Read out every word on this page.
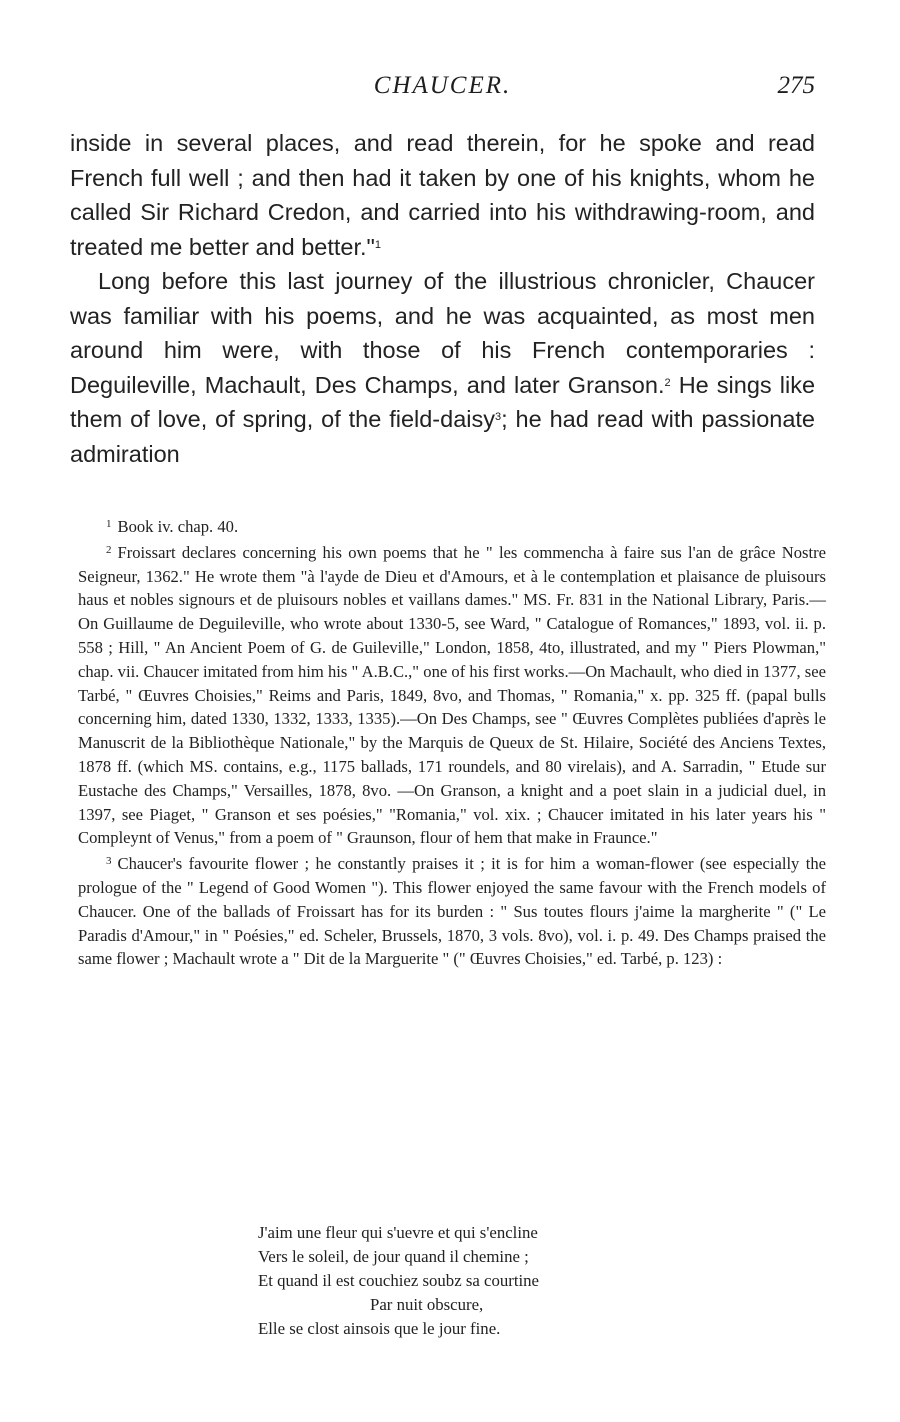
CHAUCER.	275

inside in several places, and read therein, for he spoke and read French full well ; and then had it taken by one of his knights, whom he called Sir Richard Credon, and carried into his withdrawing-room, and treated me better and better."$^1$

Long before this last journey of the illustrious chronicler, Chaucer was familiar with his poems, and he was acquainted, as most men around him were, with those of his French contemporaries : Deguileville, Machault, Des Champs, and later Granson.$^2$ He sings like them of love, of spring, of the field-daisy$^3$; he had read with passionate admiration

$^1$ Book iv. chap. 40.

$^2$ Froissart declares concerning his own poems that he " les commencha à faire sus l'an de grâce Nostre Seigneur, 1362." He wrote them "à l'ayde de Dieu et d'Amours, et à le contemplation et plaisance de pluisours haus et nobles signours et de pluisours nobles et vaillans dames." MS. Fr. 831 in the National Library, Paris.—On Guillaume de Deguileville, who wrote about 1330-5, see Ward, " Catalogue of Romances," 1893, vol. ii. p. 558 ; Hill, " An Ancient Poem of G. de Guileville," London, 1858, 4to, illustrated, and my " Piers Plowman," chap. vii. Chaucer imitated from him his " A.B.C.," one of his first works.—On Machault, who died in 1377, see Tarbé, " Œuvres Choisies," Reims and Paris, 1849, 8vo, and Thomas, " Romania," x. pp. 325 ff. (papal bulls concerning him, dated 1330, 1332, 1333, 1335).—On Des Champs, see " Œuvres Complètes publiées d'après le Manuscrit de la Bibliothèque Nationale," by the Marquis de Queux de St. Hilaire, Société des Anciens Textes, 1878 ff. (which MS. contains, e.g., 1175 ballads, 171 roundels, and 80 virelais), and A. Sarradin, " Etude sur Eustache des Champs," Versailles, 1878, 8vo. —On Granson, a knight and a poet slain in a judicial duel, in 1397, see Piaget, " Granson et ses poésies," "Romania," vol. xix. ; Chaucer imitated in his later years his " Compleynt of Venus," from a poem of " Graunson, flour of hem that make in Fraunce."

$^3$ Chaucer's favourite flower ; he constantly praises it ; it is for him a woman-flower (see especially the prologue of the " Legend of Good Women "). This flower enjoyed the same favour with the French models of Chaucer. One of the ballads of Froissart has for its burden : " Sus toutes flours j'aime la margherite " (" Le Paradis d'Amour," in " Poésies," ed. Scheler, Brussels, 1870, 3 vols. 8vo), vol. i. p. 49. Des Champs praised the same flower ; Machault wrote a " Dit de la Marguerite " (" Œuvres Choisies," ed. Tarbé, p. 123) :

J'aim une fleur qui s'uevre et qui s'encline
Vers le soleil, de jour quand il chemine ;
Et quand il est couchiez soubz sa courtine
Par nuit obscure,
Elle se clost ainsois que le jour fine.
